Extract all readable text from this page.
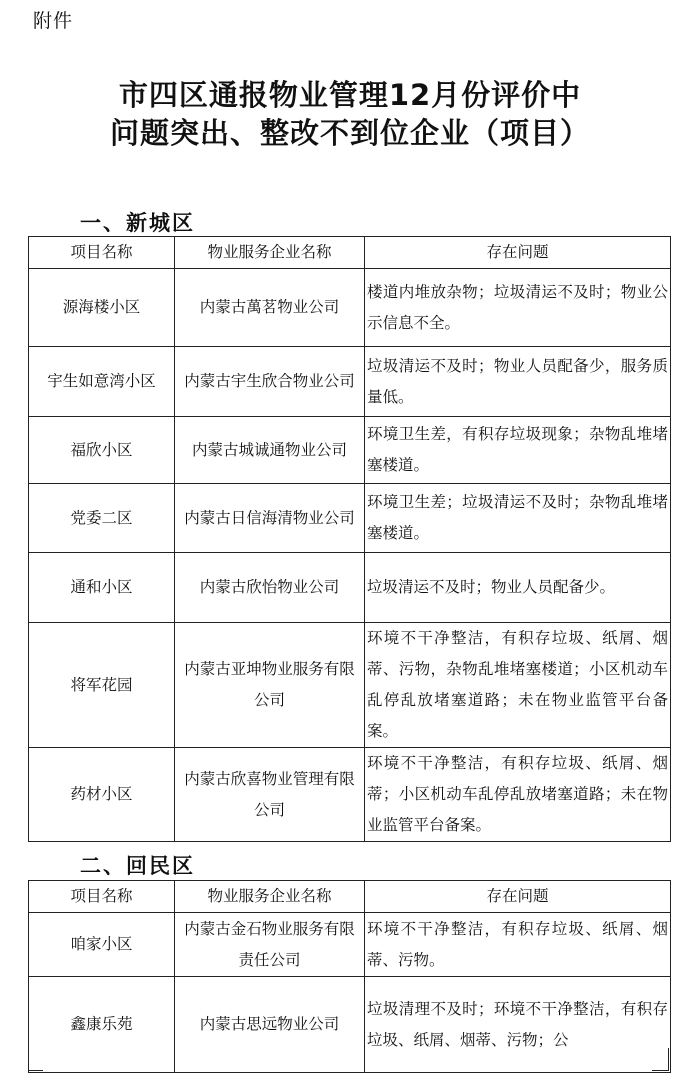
附件
市四区通报物业管理12月份评价中
问题突出、整改不到位企业（项目）
一、新城区
项目名称	物业服务企业名称	存在问题
源海楼小区	内蒙古萬茗物业公司	楼道内堆放杂物；垃圾清运不及时；物业公示信息不全。
宇生如意湾小区	内蒙古宇生欣合物业公司	垃圾清运不及时；物业人员配备少，服务质量低。
福欣小区	内蒙古城诚通物业公司	环境卫生差，有积存垃圾现象；杂物乱堆堵塞楼道。
党委二区	内蒙古日信海清物业公司	环境卫生差；垃圾清运不及时；杂物乱堆堵塞楼道。
通和小区	内蒙古欣怡物业公司	垃圾清运不及时；物业人员配备少。
将军花园	内蒙古亚坤物业服务有限公司	环境不干净整洁，有积存垃圾、纸屑、烟蒂、污物，杂物乱堆堵塞楼道；小区机动车乱停乱放堵塞道路；未在物业监管平台备案。
药材小区	内蒙古欣喜物业管理有限公司	环境不干净整洁，有积存垃圾、纸屑、烟蒂；小区机动车乱停乱放堵塞道路；未在物业监管平台备案。
二、回民区
项目名称	物业服务企业名称	存在问题
咱家小区	内蒙古金石物业服务有限责任公司	环境不干净整洁，有积存垃圾、纸屑、烟蒂、污物。
鑫康乐苑	内蒙古思远物业公司	垃圾清理不及时；环境不干净整洁，有积存垃圾、纸屑、烟蒂、污物；公
